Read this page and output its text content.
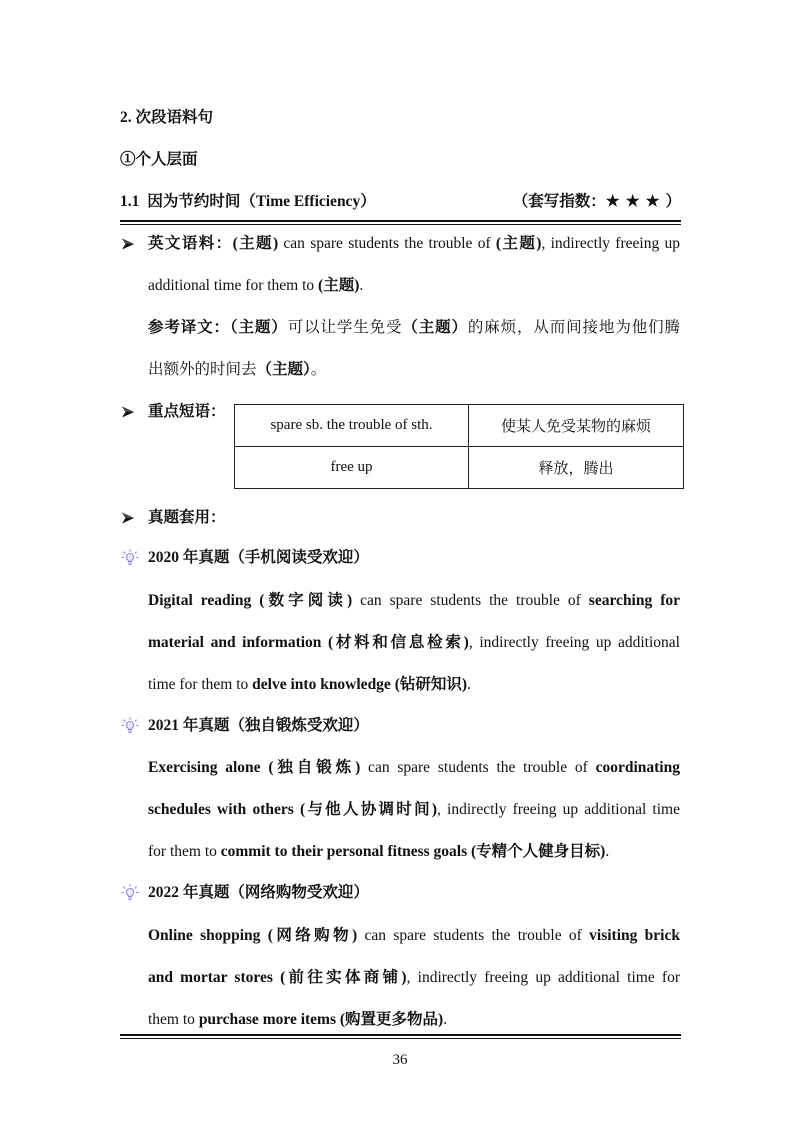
2. 次段语料句
①个人层面
1.1 因为节约时间（Time Efficiency）	（套写指数：★★★）
英文语料：(主题) can spare students the trouble of (主题), indirectly freeing up
additional time for them to (主题).
参考译文：（主题）可以让学生免受（主题）的麻烦，从而间接地为他们腾
出额外的时间去（主题）。
重点短语：
spare sb. the trouble of sth.	使某人免受某物的麻烦
free up	释放，腾出
真题套用：
2020 年真题（手机阅读受欢迎）
Digital reading (数字阅读) can spare students the trouble of searching for
material and information (材料和信息检索), indirectly freeing up additional
time for them to delve into knowledge (钻研知识).
2021 年真题（独自锻炼受欢迎）
Exercising alone (独自锻炼) can spare students the trouble of coordinating
schedules with others (与他人协调时间), indirectly freeing up additional time
for them to commit to their personal fitness goals (专精个人健身目标).
2022 年真题（网络购物受欢迎）
Online shopping (网络购物) can spare students the trouble of visiting brick
and mortar stores (前往实体商铺), indirectly freeing up additional time for
them to purchase more items (购置更多物品).
36
